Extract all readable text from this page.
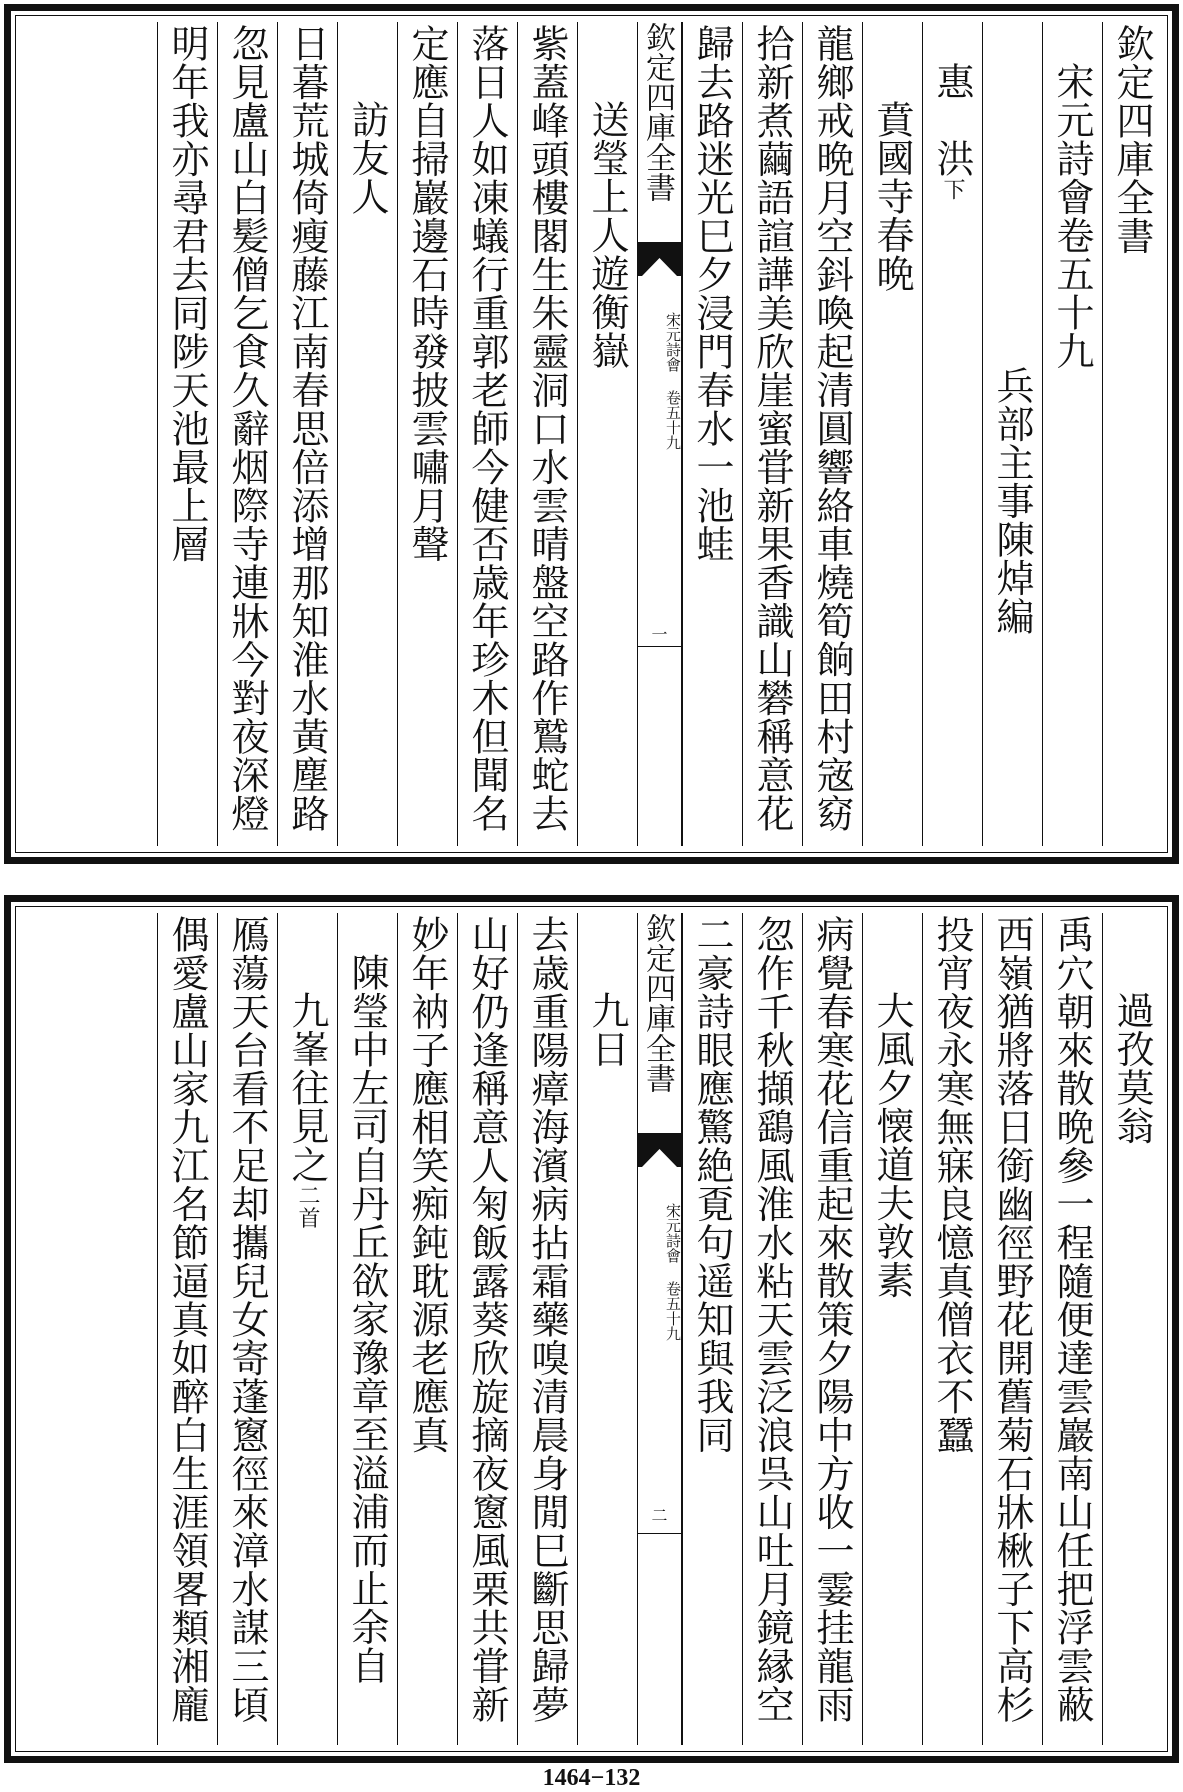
欽定四庫全書
宋元詩會卷五十九
兵部主事陳焯編
惠　洪
下
賁國寺春晩
龍鄉戒晩月空鈄喚起清圓響絡車燒筍餉田村宼窈
拾新煮繭語諠譁美欣崖蜜甞新果香識山礬稱意花
歸去路迷光巳夕浸門春水一池蛙
欽定四庫全書
宋元詩會 卷五十九
一
送瑩上人遊衡嶽
紫蓋峰頭樓閣生朱靈洞口水雲晴盤空路作鷲蛇去
落日人如凍蟻行重郭老師今健否歳年珍木但聞名
定應自掃巖邊石時發披雲嘯月聲
訪友人
日暮荒城倚瘦藤江南春思倍添增那知淮水黃塵路
忽見盧山白髪僧乞食久辭烟際寺連牀今對夜深燈
明年我亦尋君去同陟天池最上層
過孜莫翁
禹穴朝來散晩參一程隨便達雲巖南山任把浮雲蔽
西嶺猶將落日銜幽徑野花開舊菊石牀楸子下高杉
投宵夜永寒無寐良憶真僧衣不蠶
大風夕懐道夫敦素
病覺春寒花信重起來散策夕陽中方收一霎挂龍雨
忽作千秋擷鷂風淮水粘天雲泛浪呉山吐月鏡縁空
二豪詩眼應驚絶覔句遥知與我同
欽定四庫全書
宋元詩會 卷五十九
二
九日
去歳重陽瘴海濱病拈霜藥嗅清晨身閒巳斷思歸夢
山好仍逢稱意人匊飯露葵欣旋摘夜窻風栗共甞新
妙年衲子應相笑痴鈍耽源老應真
陳瑩中左司自丹丘欲家豫章至溢浦而止余自
九峯往見之
二首
鴈蕩天台看不足却攜兒女寄蓬窻徑來漳水謀三頃
偶愛盧山家九江名節逼真如醉白生涯領畧類湘龐
1464−132
